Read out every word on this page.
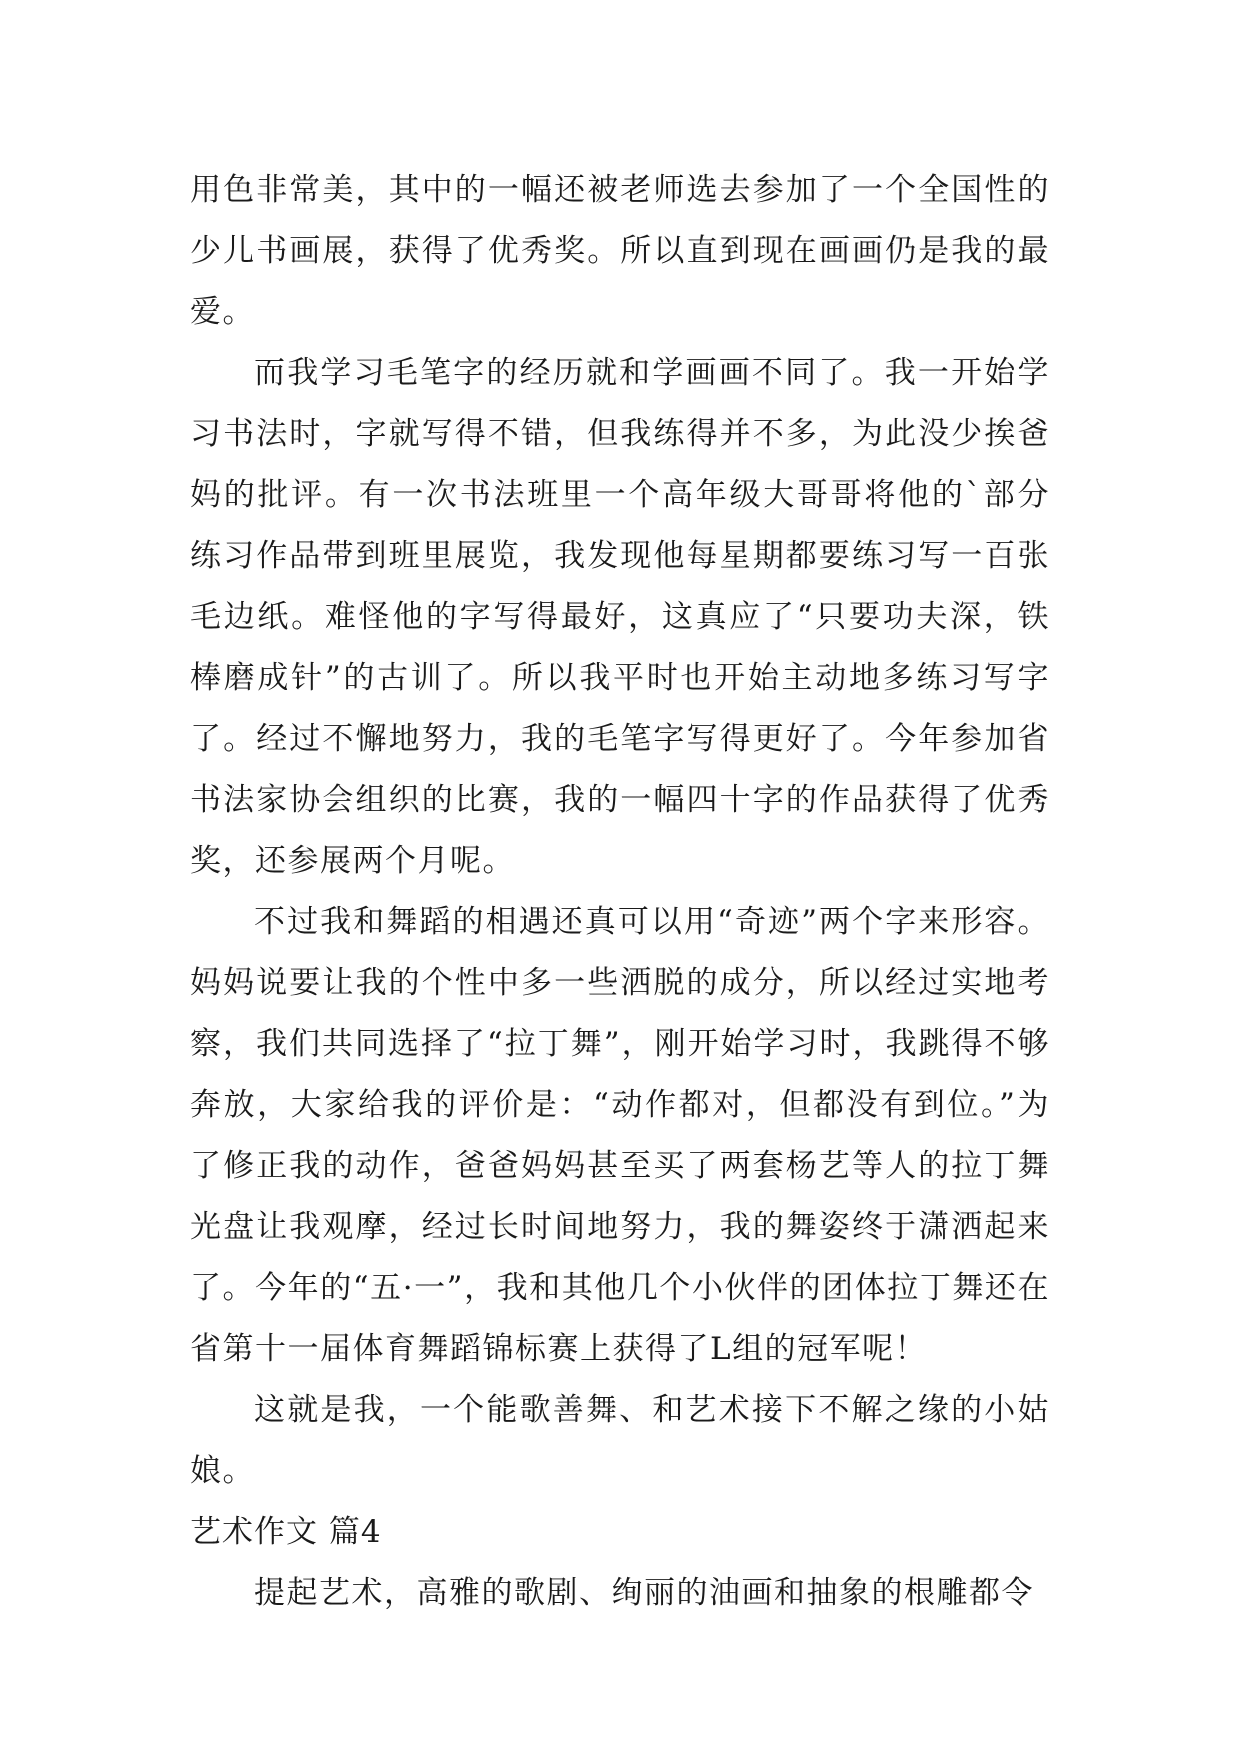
用色非常美，其中的一幅还被老师选去参加了一个全国性的少儿书画展，获得了优秀奖。所以直到现在画画仍是我的最爱。

而我学习毛笔字的经历就和学画画不同了。我一开始学习书法时，字就写得不错，但我练得并不多，为此没少挨爸妈的批评。有一次书法班里一个高年级大哥哥将他的`部分练习作品带到班里展览，我发现他每星期都要练习写一百张毛边纸。难怪他的字写得最好，这真应了“只要功夫深，铁棒磨成针”的古训了。所以我平时也开始主动地多练习写字了。经过不懈地努力，我的毛笔字写得更好了。今年参加省书法家协会组织的比赛，我的一幅四十字的作品获得了优秀奖，还参展两个月呢。

不过我和舞蹈的相遇还真可以用“奇迹”两个字来形容。妈妈说要让我的个性中多一些洒脱的成分，所以经过实地考察，我们共同选择了“拉丁舞”，刚开始学习时，我跳得不够奔放，大家给我的评价是：“动作都对，但都没有到位。”为了修正我的动作，爸爸妈妈甚至买了两套杨艺等人的拉丁舞光盘让我观摩，经过长时间地努力，我的舞姿终于潇洒起来了。今年的“五·一”，我和其他几个小伙伴的团体拉丁舞还在省第十一届体育舞蹈锦标赛上获得了L组的冠军呢！

这就是我，一个能歌善舞、和艺术接下不解之缘的小姑娘。

艺术作文 篇4

提起艺术，高雅的歌剧、绚丽的油画和抽象的根雕都令
